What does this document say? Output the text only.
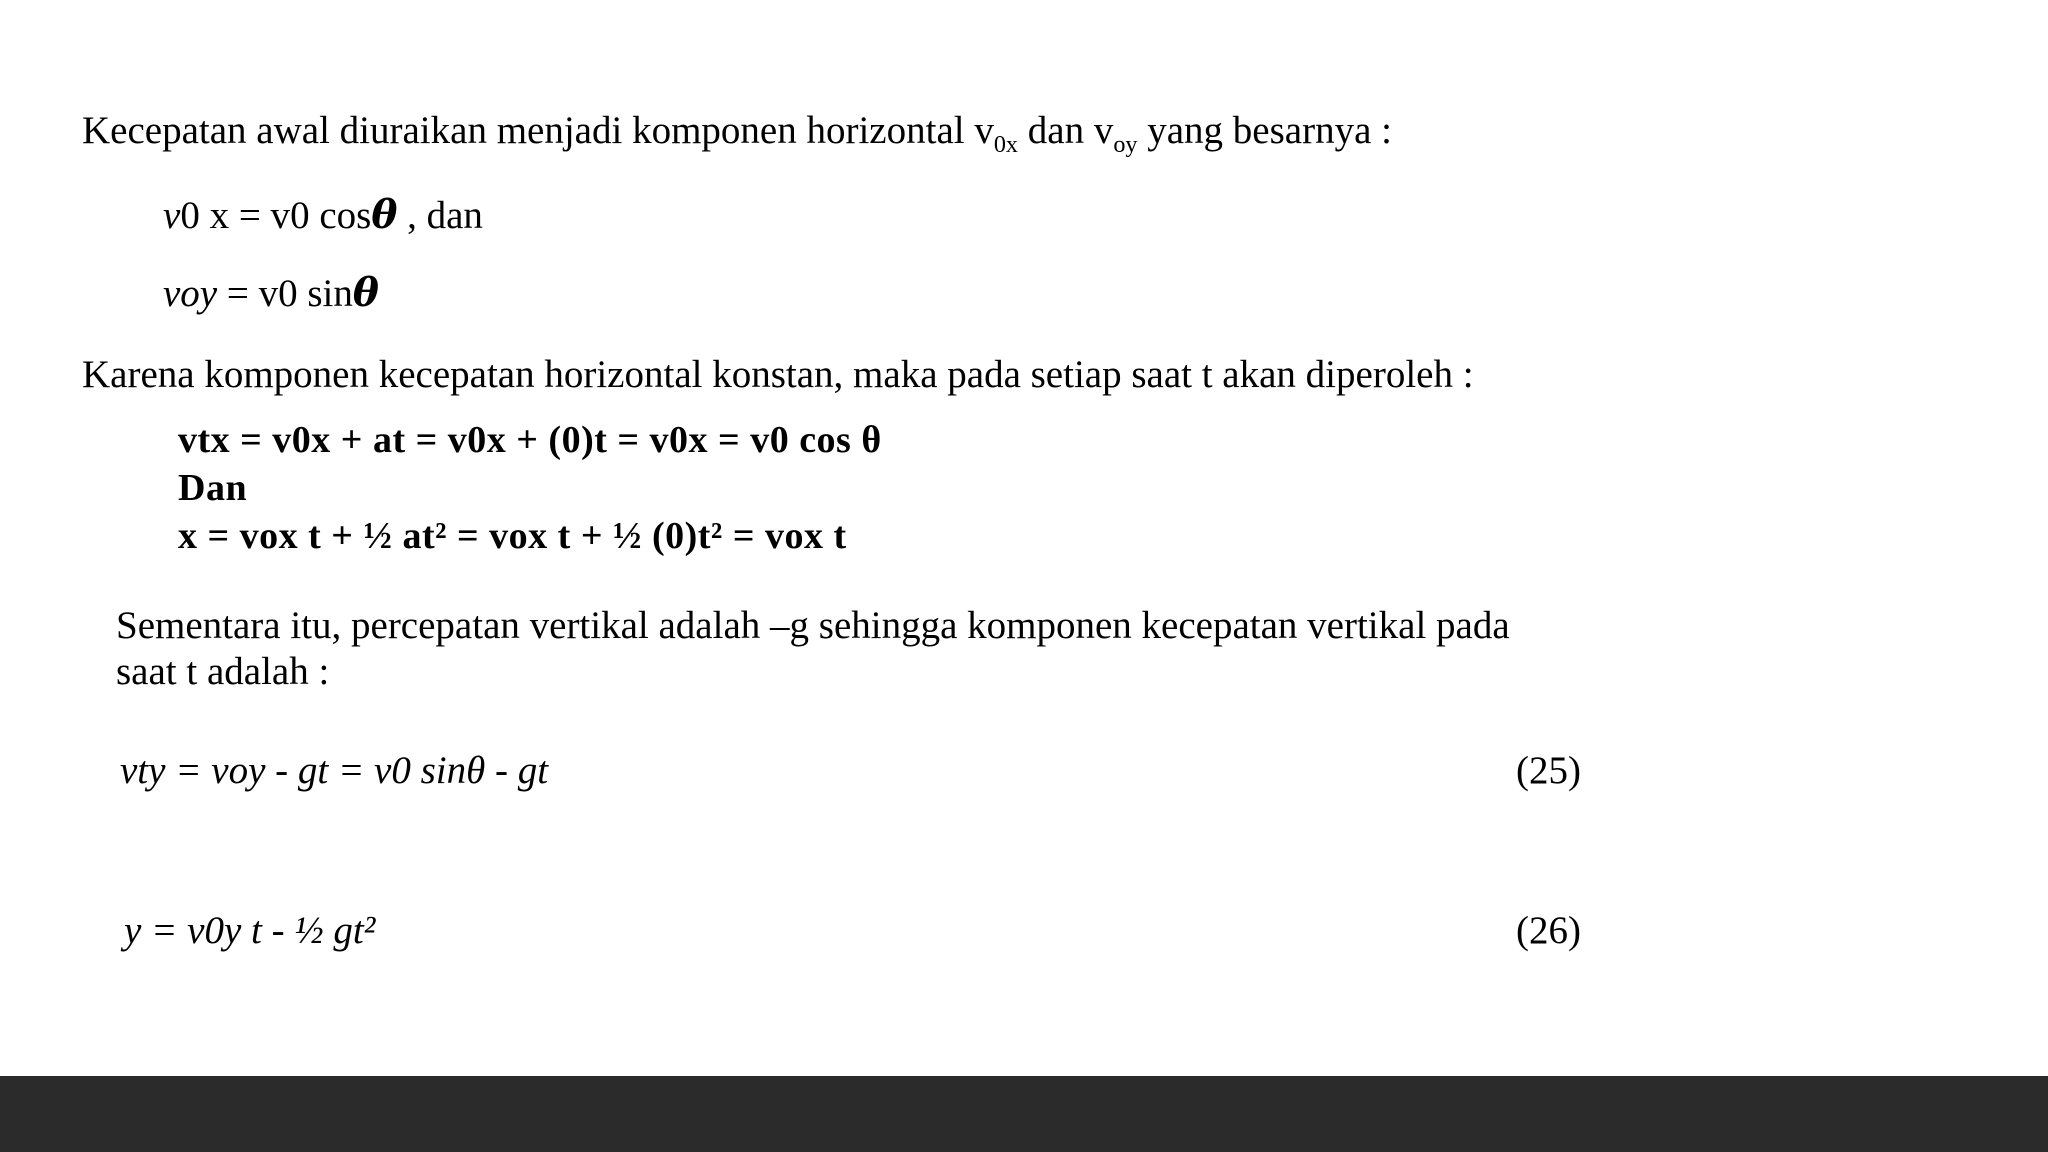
Kecepatan awal diuraikan menjadi komponen horizontal $v_{0x}$ dan $v_{oy}$ yang besarnya :
v0 x = v0 cosθ , dan
voy = v0 sinθ
Karena komponen kecepatan horizontal konstan, maka pada setiap saat t akan diperoleh :
vtx = v0x + at = v0x + (0)t = v0x = v0 cos θ
Dan
x = vox t + ½ at² = vox t + ½ (0)t² = vox t
Sementara itu, percepatan vertikal adalah –g sehingga komponen kecepatan vertikal pada
saat t adalah :
vty = voy - gt = v0 sinθ - gt	(25)
y = v0y t - ½ gt²	(26)
